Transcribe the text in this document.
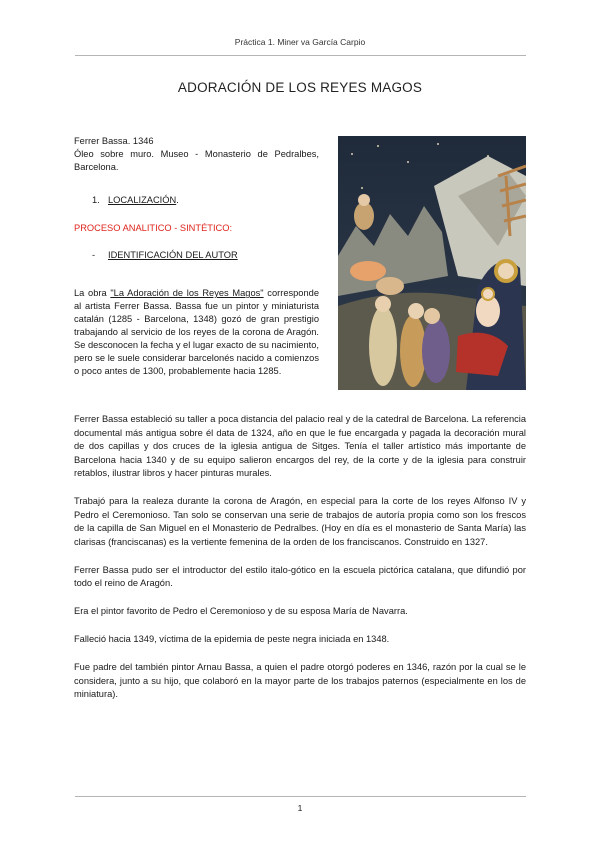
Práctica 1. Miner va García Carpio
ADORACIÓN DE LOS REYES MAGOS

Ferrer Bassa. 1346

Óleo sobre muro. Museo - Monasterio de Pedralbes, Barcelona.

1. LOCALIZACIÓN.

PROCESO ANALITICO - SINTÉTICO:

- IDENTIFICACIÓN DEL AUTOR

La obra "La Adoración de los Reyes Magos" corresponde al artista Ferrer Bassa. Bassa fue un pintor y miniaturista catalán (1285 - Barcelona, 1348) gozó de gran prestigio trabajando al servicio de los reyes de la corona de Aragón. Se desconocen la fecha y el lugar exacto de su nacimiento, pero se le suele considerar barcelonés nacido a comienzos o poco antes de 1300, probablemente hacia 1285.

Ferrer Bassa estableció su taller a poca distancia del palacio real y de la catedral de Barcelona. La referencia documental más antigua sobre él data de 1324, año en que le fue encargada y pagada la decoración mural de dos capillas y dos cruces de la iglesia antigua de Sitges. Tenía el taller artístico más importante de Barcelona hacia 1340 y de su equipo salieron encargos del rey, de la corte y de la iglesia para construir retablos, ilustrar libros y hacer pinturas murales.

Trabajó para la realeza durante la corona de Aragón, en especial para la corte de los reyes Alfonso IV y Pedro el Ceremonioso. Tan solo se conservan una serie de trabajos de autoría propia como son los frescos de la capilla de San Miguel en el Monasterio de Pedralbes. (Hoy en día es el monasterio de Santa María) las clarisas (franciscanas) es la vertiente femenina de la orden de los franciscanos. Construido en 1327.

Ferrer Bassa pudo ser el introductor del estilo italo-gótico en la escuela pictórica catalana, que difundió por todo el reino de Aragón.

Era el pintor favorito de Pedro el Ceremonioso y de su esposa María de Navarra.

Falleció hacia 1349, víctima de la epidemia de peste negra iniciada en 1348.

Fue padre del también pintor Arnau Bassa, a quien el padre otorgó poderes en 1346, razón por la cual se le considera, junto a su hijo, que colaboró en la mayor parte de los trabajos paternos (especialmente en los de miniatura).

1
